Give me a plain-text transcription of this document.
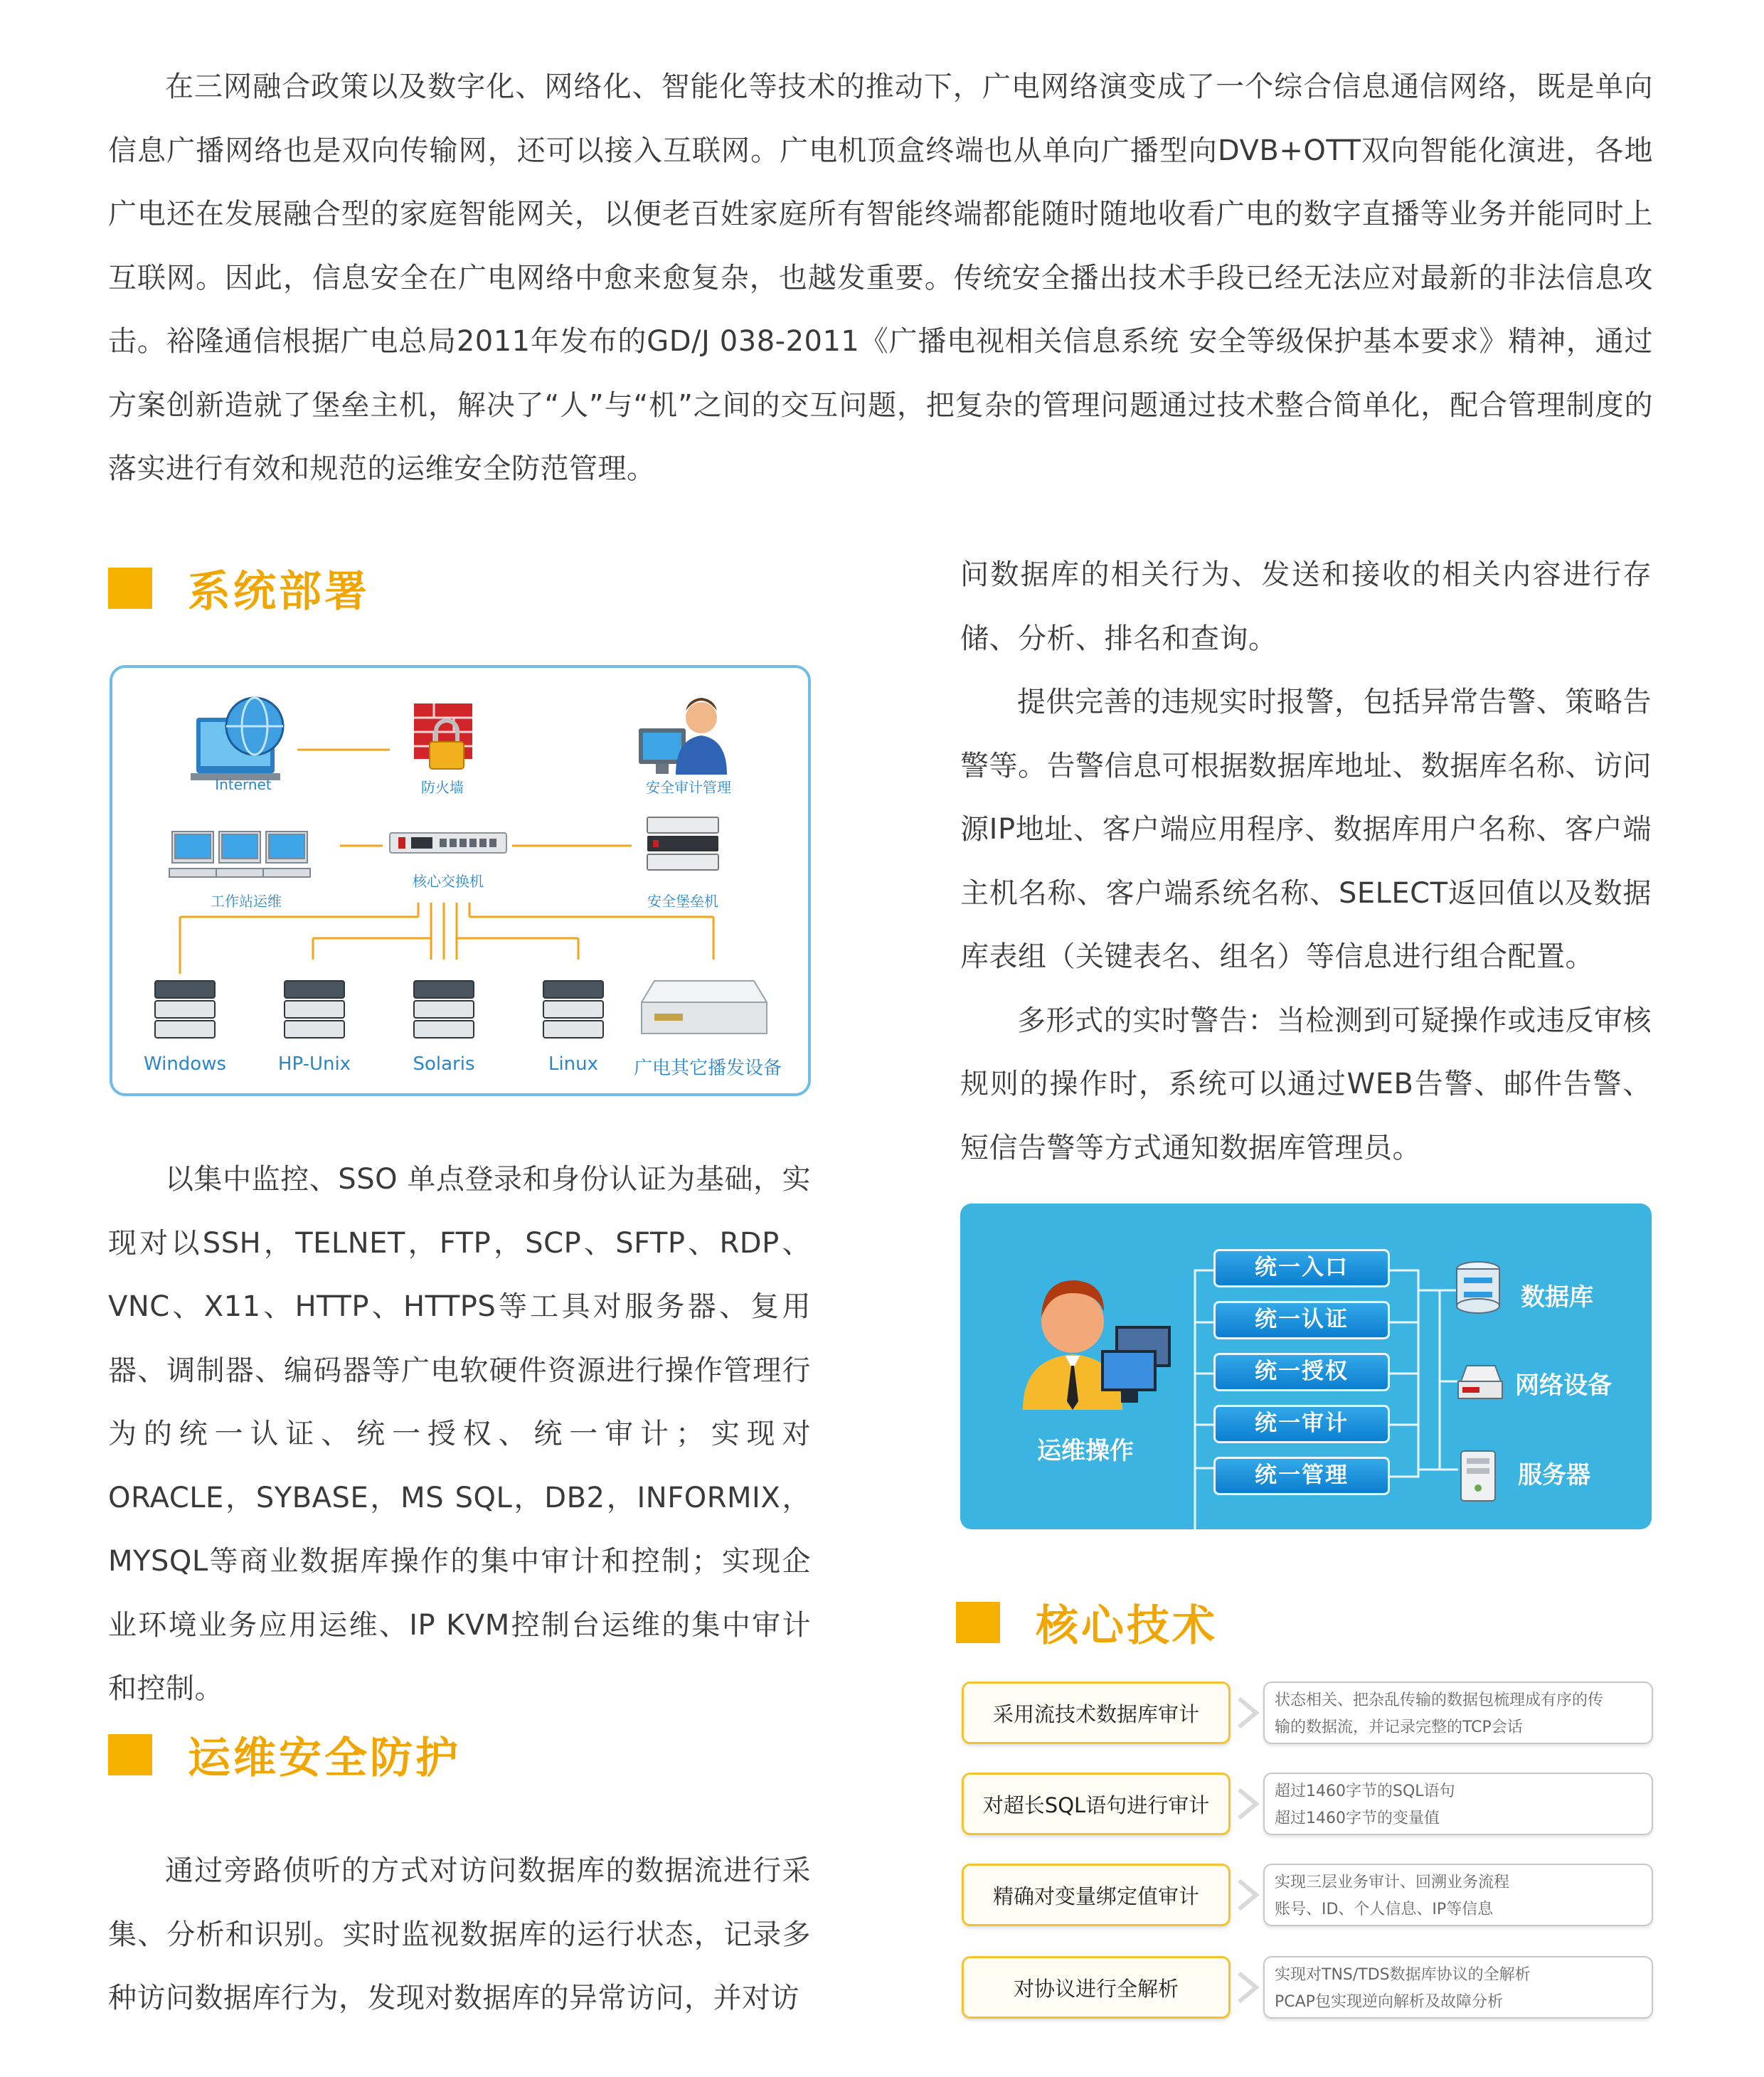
在三网融合政策以及数字化、网络化、智能化等技术的推动下，广电网络演变成了一个综合信息通信网络，既是单向信息广播网络也是双向传输网，还可以接入互联网。广电机顶盒终端也从单向广播型向DVB+OTT双向智能化演进，各地广电还在发展融合型的家庭智能网关，以便老百姓家庭所有智能终端都能随时随地收看广电的数字直播等业务并能同时上互联网。因此，信息安全在广电网络中愈来愈复杂，也越发重要。传统安全播出技术手段已经无法应对最新的非法信息攻击。裕隆通信根据广电总局2011年发布的GD/J 038-2011《广播电视相关信息系统 安全等级保护基本要求》精神，通过方案创新造就了堡垒主机，解决了“人”与“机”之间的交互问题，把复杂的管理问题通过技术整合简单化，配合管理制度的落实进行有效和规范的运维安全防范管理。
系统部署
Internet	防火墙	安全审计管理
工作站运维
核心交换机
安全堡垒机
Windows	HP-Unix	Solaris	Linux	广电其它播发设备
以集中监控、SSO 单点登录和身份认证为基础，实现对以SSH，TELNET，FTP，SCP、SFTP、RDP、VNC、X11、HTTP、HTTPS等工具对服务器、复用器、调制器、编码器等广电软硬件资源进行操作管理行为的统一认证、统一授权、统一审计；实现对ORACLE，SYBASE，MS SQL，DB2，INFORMIX，MYSQL等商业数据库操作的集中审计和控制；实现企业环境业务应用运维、IP KVM控制台运维的集中审计和控制。
运维安全防护
通过旁路侦听的方式对访问数据库的数据流进行采集、分析和识别。实时监视数据库的运行状态，记录多种访问数据库行为，发现对数据库的异常访问，并对访
问数据库的相关行为、发送和接收的相关内容进行存储、分析、排名和查询。
提供完善的违规实时报警，包括异常告警、策略告警等。告警信息可根据数据库地址、数据库名称、访问源IP地址、客户端应用程序、数据库用户名称、客户端主机名称、客户端系统名称、SELECT返回值以及数据库表组（关键表名、组名）等信息进行组合配置。
多形式的实时警告：当检测到可疑操作或违反审核规则的操作时，系统可以通过WEB告警、邮件告警、短信告警等方式通知数据库管理员。
统一入口
统一认证
统一授权
统一审计
统一管理
运维操作
数据库
网络设备
服务器
核心技术
采用流技术数据库审计
状态相关、把杂乱传输的数据包梳理成有序的传
输的数据流，并记录完整的TCP会话
对超长SQL语句进行审计
超过1460字节的SQL语句
超过1460字节的变量值
精确对变量绑定值审计
实现三层业务审计、回溯业务流程
账号、ID、个人信息、IP等信息
对协议进行全解析
实现对TNS/TDS数据库协议的全解析
PCAP包实现逆向解析及故障分析
